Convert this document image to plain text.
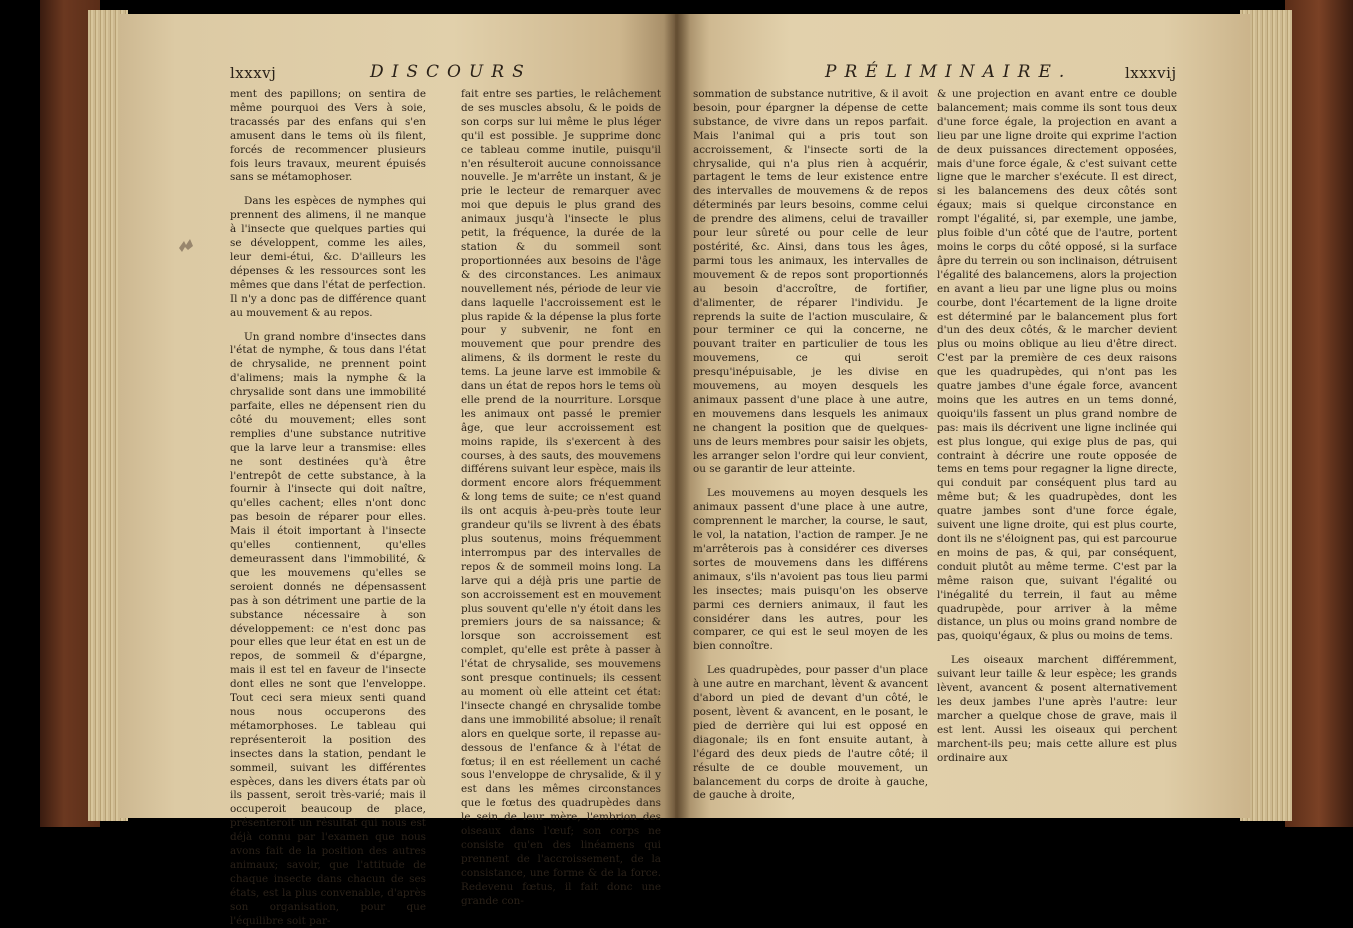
lxxxvj	DISCOURS

ment des papillons; on sentira de même pourquoi des Vers à soie, tracassés par des enfans qui s'en amusent dans le tems où ils filent, forcés de recommencer plusieurs fois leurs travaux, meurent épuisés sans se métamophoser.

Dans les espèces de nymphes qui prennent des alimens, il ne manque à l'insecte que quelques parties qui se développent, comme les ailes, leur demi-étui, &c. D'ailleurs les dépenses & les ressources sont les mêmes que dans l'état de perfection. Il n'y a donc pas de différence quant au mouvement & au repos.

Un grand nombre d'insectes dans l'état de nymphe, & tous dans l'état de chrysalide, ne prennent point d'alimens; mais la nymphe & la chrysalide sont dans une immobilité parfaite, elles ne dépensent rien du côté du mouvement; elles sont remplies d'une substance nutritive que la larve leur a transmise: elles ne sont destinées qu'à être l'entrepôt de cette substance, à la fournir à l'insecte qui doit naître, qu'elles cachent; elles n'ont donc pas besoin de réparer pour elles. Mais il étoit important à l'insecte qu'elles contiennent, qu'elles demeurassent dans l'immobilité, & que les mouvemens qu'elles se seroient donnés ne dépensassent pas à son détriment une partie de la substance nécessaire à son développement: ce n'est donc pas pour elles que leur état en est un de repos, de sommeil & d'épargne, mais il est tel en faveur de l'insecte dont elles ne sont que l'enveloppe. Tout ceci sera mieux senti quand nous nous occuperons des métamorphoses. Le tableau qui représenteroit la position des insectes dans la station, pendant le sommeil, suivant les différentes espèces, dans les divers états par où ils passent, seroit très-varié; mais il occuperoit beaucoup de place, présenteroit un résultat qui nous est déjà connu par l'examen que nous avons fait de la position des autres animaux; savoir, que l'attitude de chaque insecte dans chacun de ses états, est la plus convenable, d'après son organisation, pour que l'équilibre soit par-

fait entre ses parties, le relâchement de ses muscles absolu, & le poids de son corps sur lui même le plus léger qu'il est possible. Je supprime donc ce tableau comme inutile, puisqu'il n'en résulteroit aucune connoissance nouvelle. Je m'arrête un instant, & je prie le lecteur de remarquer avec moi que depuis le plus grand des animaux jusqu'à l'insecte le plus petit, la fréquence, la durée de la station & du sommeil sont proportionnées aux besoins de l'âge & des circonstances. Les animaux nouvellement nés, période de leur vie dans laquelle l'accroissement est le plus rapide & la dépense la plus forte pour y subvenir, ne font en mouvement que pour prendre des alimens, & ils dorment le reste du tems. La jeune larve est immobile & dans un état de repos hors le tems où elle prend de la nourriture. Lorsque les animaux ont passé le premier âge, que leur accroissement est moins rapide, ils s'exercent à des courses, à des sauts, des mouvemens différens suivant leur espèce, mais ils dorment encore alors fréquemment & long tems de suite; ce n'est quand ils ont acquis à-peu-près toute leur grandeur qu'ils se livrent à des ébats plus soutenus, moins fréquemment interrompus par des intervalles de repos & de sommeil moins long. La larve qui a déjà pris une partie de son accroissement est en mouvement plus souvent qu'elle n'y étoit dans les premiers jours de sa naissance; & lorsque son accroissement est complet, qu'elle est prête à passer à l'état de chrysalide, ses mouvemens sont presque continuels; ils cessent au moment où elle atteint cet état: l'insecte changé en chrysalide tombe dans une immobilité absolue; il renaît alors en quelque sorte, il repasse au-dessous de l'enfance & à l'état de fœtus; il en est réellement un caché sous l'enveloppe de chrysalide, & il y est dans les mêmes circonstances que le fœtus des quadrupèdes dans le sein de leur mère, l'embrion des oiseaux dans l'œuf; son corps ne consiste qu'en des linéamens qui prennent de l'accroissement, de la consistance, une forme & de la force. Redevenu fœtus, il fait donc une grande con-

PRÉLIMINAIRE.	lxxxvij

sommation de substance nutritive, & il avoit besoin, pour épargner la dépense de cette substance, de vivre dans un repos parfait. Mais l'animal qui a pris tout son accroissement, & l'insecte sorti de la chrysalide, qui n'a plus rien à acquérir, partagent le tems de leur existence entre des intervalles de mouvemens & de repos déterminés par leurs besoins, comme celui de prendre des alimens, celui de travailler pour leur sûreté ou pour celle de leur postérité, &c. Ainsi, dans tous les âges, parmi tous les animaux, les intervalles de mouvement & de repos sont proportionnés au besoin d'accroître, de fortifier, d'alimenter, de réparer l'individu. Je reprends la suite de l'action musculaire, & pour terminer ce qui la concerne, ne pouvant traiter en particulier de tous les mouvemens, ce qui seroit presqu'inépuisable, je les divise en mouvemens, au moyen desquels les animaux passent d'une place à une autre, en mouvemens dans lesquels les animaux ne changent la position que de quelques-uns de leurs membres pour saisir les objets, les arranger selon l'ordre qui leur convient, ou se garantir de leur atteinte.

Les mouvemens au moyen desquels les animaux passent d'une place à une autre, comprennent le marcher, la course, le saut, le vol, la natation, l'action de ramper. Je ne m'arrêterois pas à considérer ces diverses sortes de mouvemens dans les différens animaux, s'ils n'avoient pas tous lieu parmi les insectes; mais puisqu'on les observe parmi ces derniers animaux, il faut les considérer dans les autres, pour les comparer, ce qui est le seul moyen de les bien connoître.

Les quadrupèdes, pour passer d'un place à une autre en marchant, lèvent & avancent d'abord un pied de devant d'un côté, le posent, lèvent & avancent, en le posant, le pied de derrière qui lui est opposé en diagonale; ils en font ensuite autant, à l'égard des deux pieds de l'autre côté; il résulte de ce double mouvement, un balancement du corps de droite à gauche, de gauche à droite,

& une projection en avant entre ce double balancement; mais comme ils sont tous deux d'une force égale, la projection en avant a lieu par une ligne droite qui exprime l'action de deux puissances directement opposées, mais d'une force égale, & c'est suivant cette ligne que le marcher s'exécute. Il est direct, si les balancemens des deux côtés sont égaux; mais si quelque circonstance en rompt l'égalité, si, par exemple, une jambe, plus foible d'un côté que de l'autre, portent moins le corps du côté opposé, si la surface âpre du terrein ou son inclinaison, détruisent l'égalité des balancemens, alors la projection en avant a lieu par une ligne plus ou moins courbe, dont l'écartement de la ligne droite est déterminé par le balancement plus fort d'un des deux côtés, & le marcher devient plus ou moins oblique au lieu d'être direct. C'est par la première de ces deux raisons que les quadrupèdes, qui n'ont pas les quatre jambes d'une égale force, avancent moins que les autres en un tems donné, quoiqu'ils fassent un plus grand nombre de pas: mais ils décrivent une ligne inclinée qui est plus longue, qui exige plus de pas, qui contraint à décrire une route opposée de tems en tems pour regagner la ligne directe, qui conduit par conséquent plus tard au même but; & les quadrupèdes, dont les quatre jambes sont d'une force égale, suivent une ligne droite, qui est plus courte, dont ils ne s'éloignent pas, qui est parcourue en moins de pas, & qui, par conséquent, conduit plutôt au même terme. C'est par la même raison que, suivant l'égalité ou l'inégalité du terrein, il faut au même quadrupède, pour arriver à la même distance, un plus ou moins grand nombre de pas, quoiqu'égaux, & plus ou moins de tems.

Les oiseaux marchent différemment, suivant leur taille & leur espèce; les grands lèvent, avancent & posent alternativement les deux jambes l'une après l'autre: leur marcher a quelque chose de grave, mais il est lent. Aussi les oiseaux qui perchent marchent-ils peu; mais cette allure est plus ordinaire aux
